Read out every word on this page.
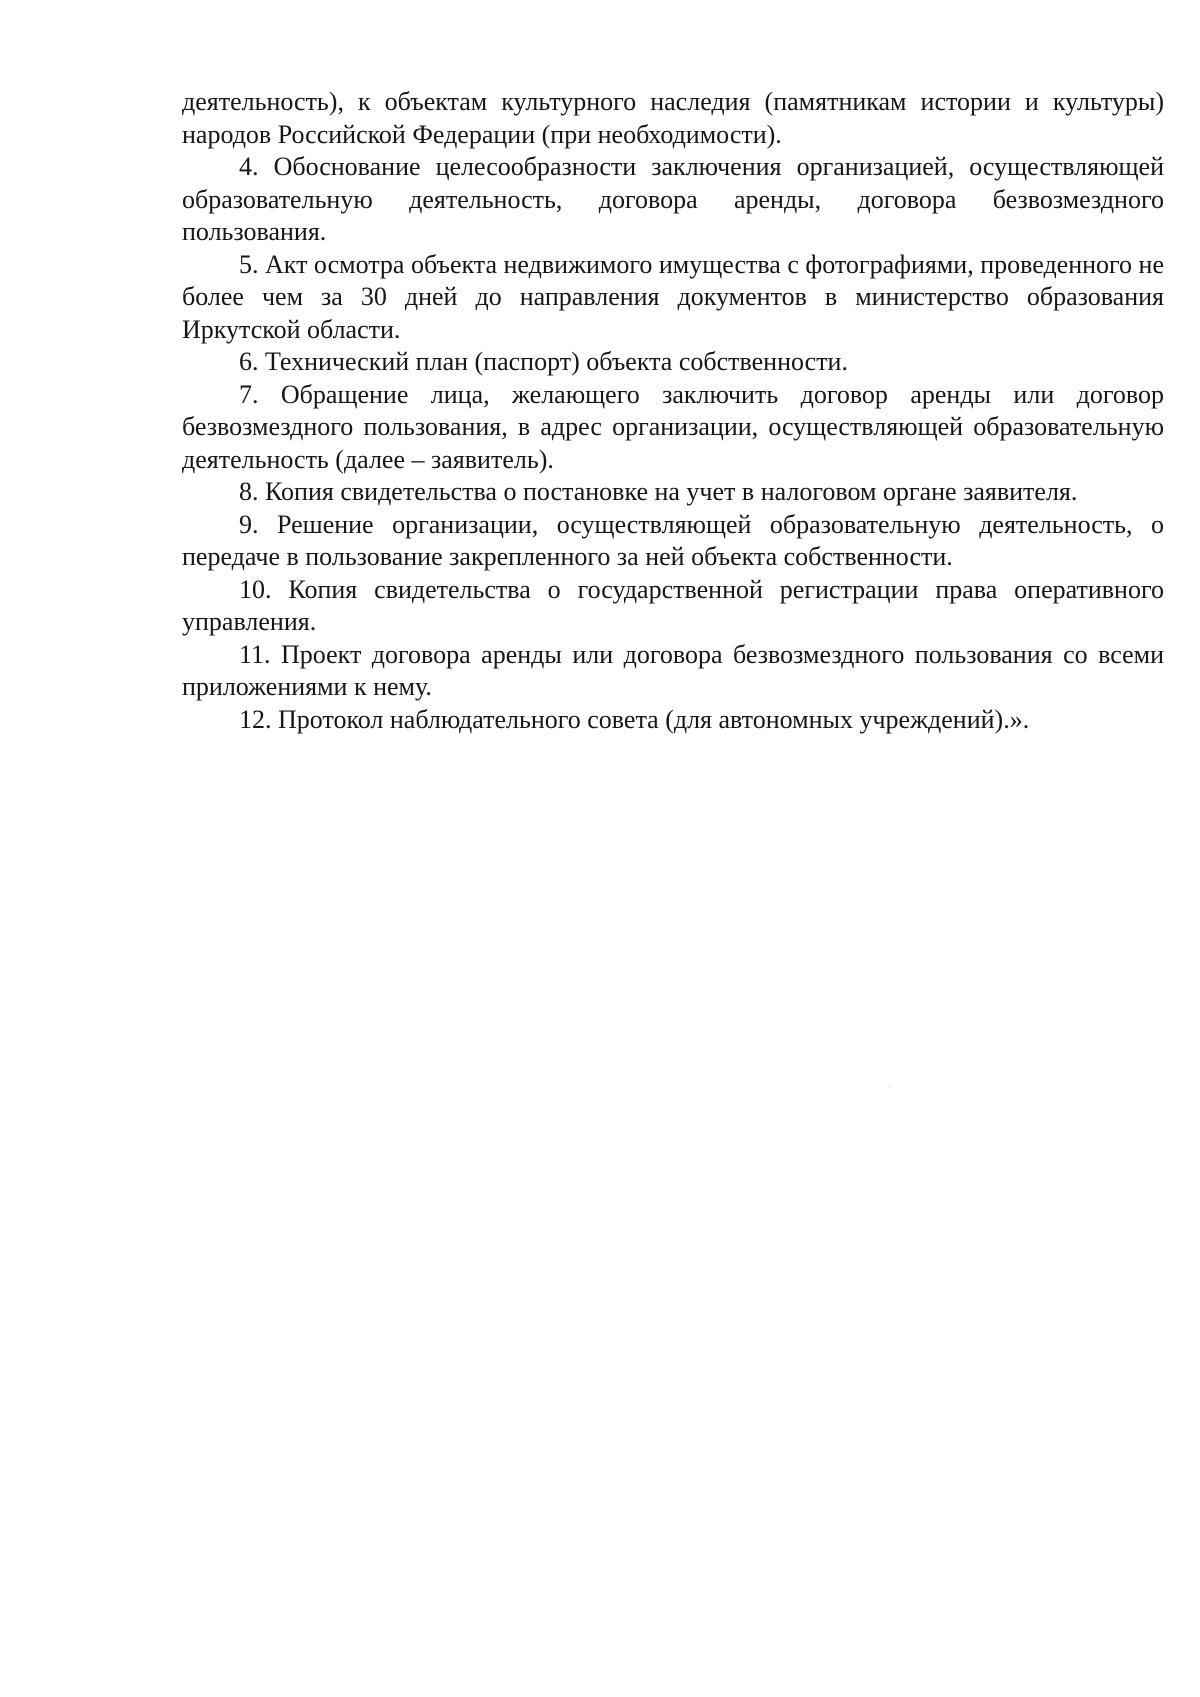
деятельность), к объектам культурного наследия (памятникам истории и культуры) народов Российской Федерации (при необходимости).

4. Обоснование целесообразности заключения организацией, осуществляющей образовательную деятельность, договора аренды, договора безвозмездного пользования.

5. Акт осмотра объекта недвижимого имущества с фотографиями, проведенного не более чем за 30 дней до направления документов в министерство образования Иркутской области.

6. Технический план (паспорт) объекта собственности.

7. Обращение лица, желающего заключить договор аренды или договор безвозмездного пользования, в адрес организации, осуществляющей образовательную деятельность (далее – заявитель).

8. Копия свидетельства о постановке на учет в налоговом органе заявителя.

9. Решение организации, осуществляющей образовательную деятельность, о передаче в пользование закрепленного за ней объекта собственности.

10. Копия свидетельства о государственной регистрации права оперативного управления.

11. Проект договора аренды или договора безвозмездного пользования со всеми приложениями к нему.

12. Протокол наблюдательного совета (для автономных учреждений).».
